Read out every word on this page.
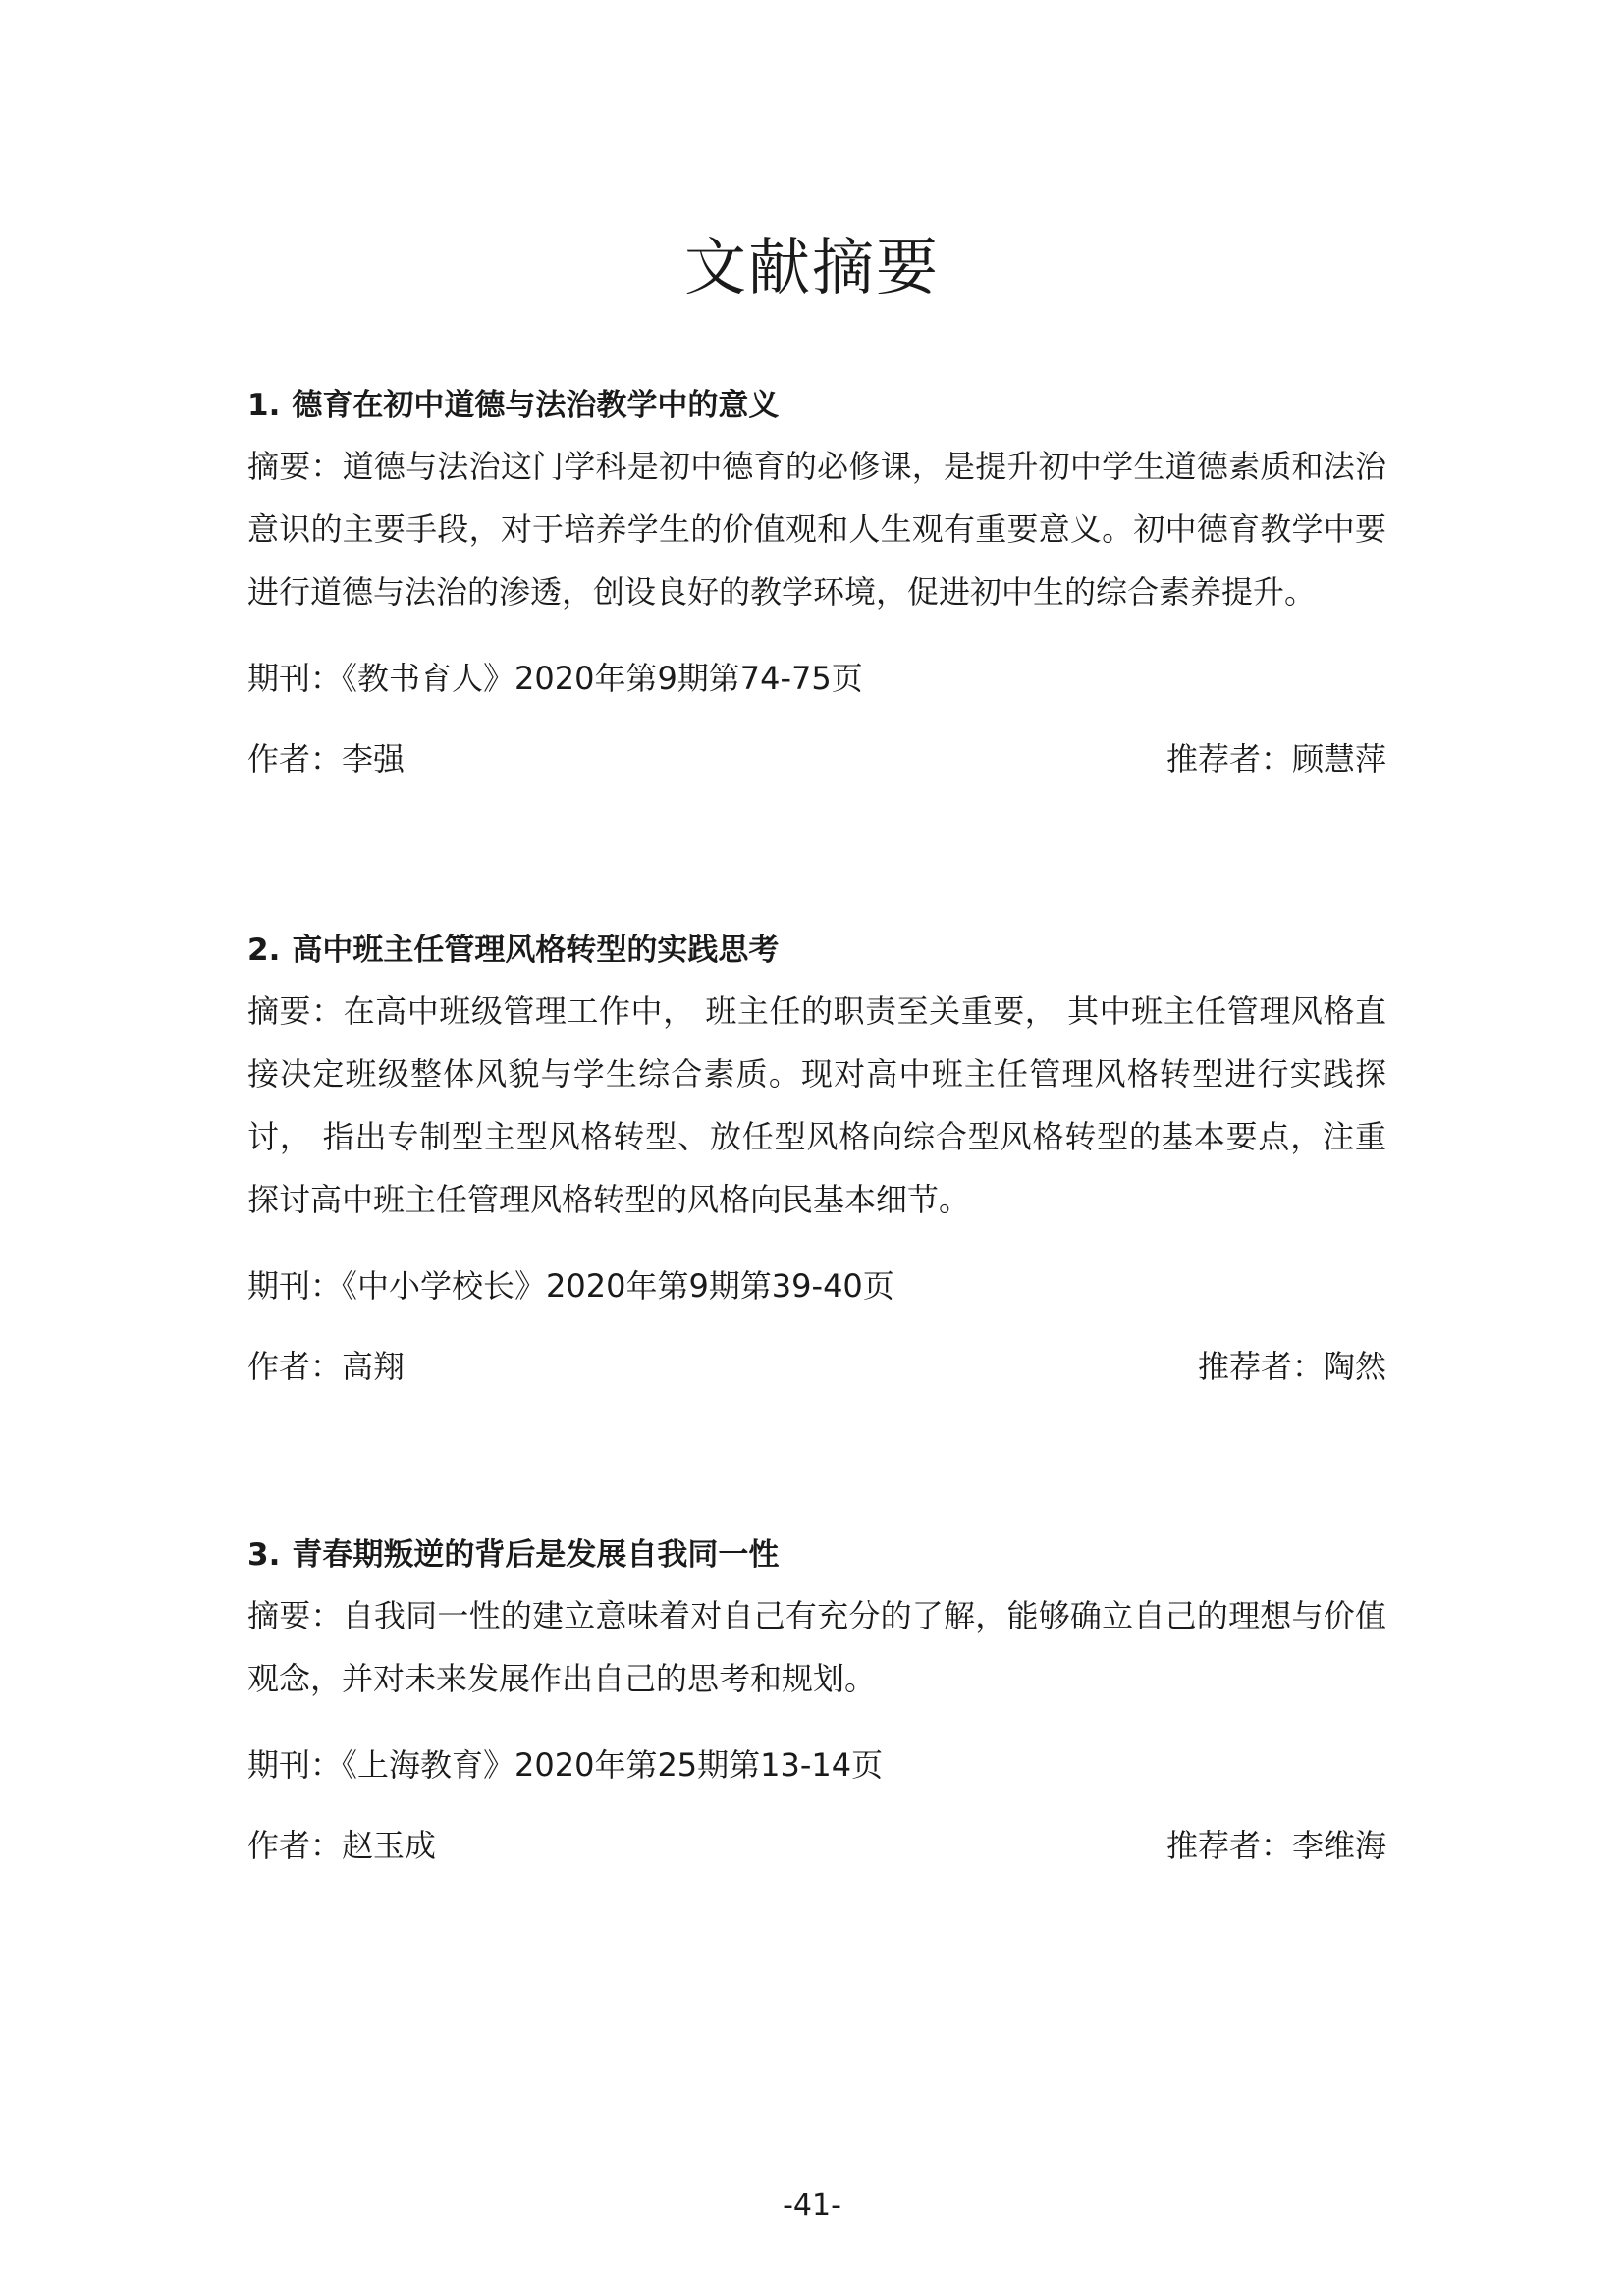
文献摘要
1. 德育在初中道德与法治教学中的意义

摘要：道德与法治这门学科是初中德育的必修课，是提升初中学生道德素质和法治意识的主要手段，对于培养学生的价值观和人生观有重要意义。初中德育教学中要进行道德与法治的渗透，创设良好的教学环境，促进初中生的综合素养提升。

期刊：《教书育人》2020年第9期第74-75页
作者：李强	推荐者：顾慧萍
2. 高中班主任管理风格转型的实践思考

摘要：在高中班级管理工作中， 班主任的职责至关重要， 其中班主任管理风格直接决定班级整体风貌与学生综合素质。现对高中班主任管理风格转型进行实践探讨， 指出专制型主型风格转型、放任型风格向综合型风格转型的基本要点，注重探讨高中班主任管理风格转型的风格向民基本细节。

期刊：《中小学校长》2020年第9期第39-40页
作者：高翔	推荐者：陶然
3. 青春期叛逆的背后是发展自我同一性

摘要：自我同一性的建立意味着对自己有充分的了解，能够确立自己的理想与价值观念，并对未来发展作出自己的思考和规划。

期刊：《上海教育》2020年第25期第13-14页
作者：赵玉成	推荐者：李维海
-41-
